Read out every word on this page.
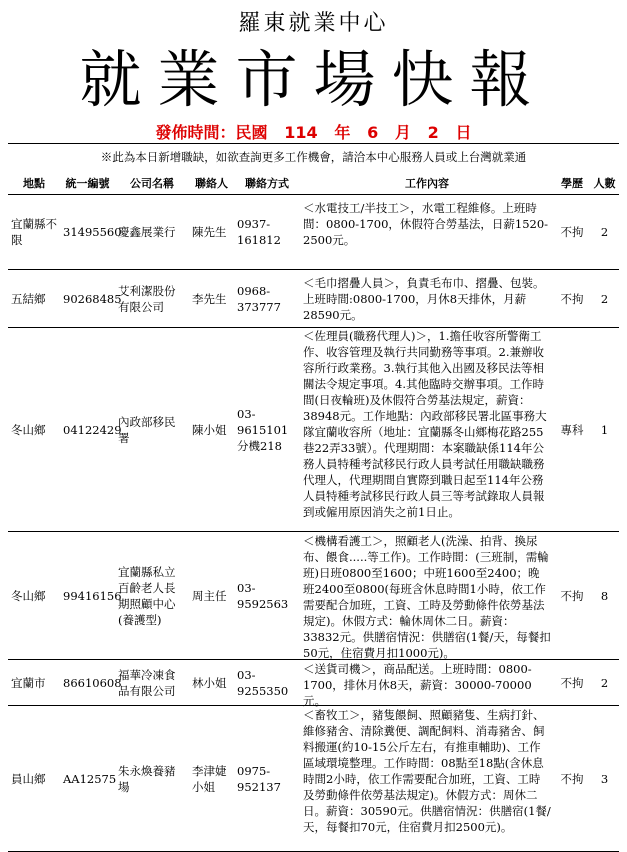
羅東就業中心
就業市場快報
發佈時間：民國   114   年   6   月   2   日
※此為本日新增職缺，如欲查詢更多工作機會，請洽本中心服務人員或上台灣就業通
地點	統一編號	公司名稱	聯絡人	聯絡方式	工作內容	學歷	人數
宜蘭縣不限	31495560	慶鑫展業行	陳先生	0937-161812	＜水電技工/半技工＞，水電工程維修。上班時間：0800-1700，休假符合勞基法，日薪1520-2500元。	不拘	2
五結鄉	90268485	艾利潔股份有限公司	李先生	0968-373777	＜毛巾摺疊人員＞，負責毛布巾、摺疊、包裝。上班時間:0800-1700，月休8天排休，月薪28590元。	不拘	2
冬山鄉	04122429	內政部移民署	陳小姐	03-9615101分機218	＜佐理員(職務代理人)＞，1.擔任收容所警衛工作、收容管理及執行共同勤務等事項。2.兼辦收容所行政業務。3.執行其他入出國及移民法等相關法令規定事項。4.其他臨時交辦事項。工作時間(日夜輪班)及休假符合勞基法規定，薪資：38948元。工作地點：內政部移民署北區事務大隊宜蘭收容所（地址：宜蘭縣冬山鄉梅花路255巷22弄33號）。代理期間：本案職缺係114年公務人員特種考試移民行政人員考試任用職缺職務代理人，代理期間自實際到職日起至114年公務人員特種考試移民行政人員三等考試錄取人員報到或僱用原因消失之前1日止。	專科	1
冬山鄉	99416156	宜蘭縣私立百齡老人長期照顧中心(養護型)	周主任	03-9592563	＜機構看護工＞，照顧老人(洗澡、拍背、換尿布、餵食.....等工作)。工作時間：(三班制，需輪班)日班0800至1600；中班1600至2400；晚班2400至0800(每班含休息時間1小時，依工作需要配合加班，工資、工時及勞動條件依勞基法規定)。休假方式：輪休周休二日。薪資：33832元。供膳宿情況：供膳宿(1餐/天，每餐扣50元，住宿費月扣1000元)。	不拘	8
宜蘭市	86610608	福華冷凍食品有限公司	林小姐	03-9255350	＜送貨司機＞，商品配送。上班時間：0800-1700，排休月休8天，薪資：30000-70000元。	不拘	2
員山鄉	AA12575	朱永煥養豬場	李津婕小姐	0975-952137	＜畜牧工＞，豬隻餵飼、照顧豬隻、生病打針、維修豬舍、清除糞便、調配飼料、消毒豬舍、飼料搬運(約10-15公斤左右，有推車輔助)、工作區域環境整理。工作時間：08點至18點(含休息時間2小時，依工作需要配合加班，工資、工時及勞動條件依勞基法規定)。休假方式：周休二日。薪資：30590元。供膳宿情況：供膳宿(1餐/天，每餐扣70元，住宿費月扣2500元)。	不拘	3
